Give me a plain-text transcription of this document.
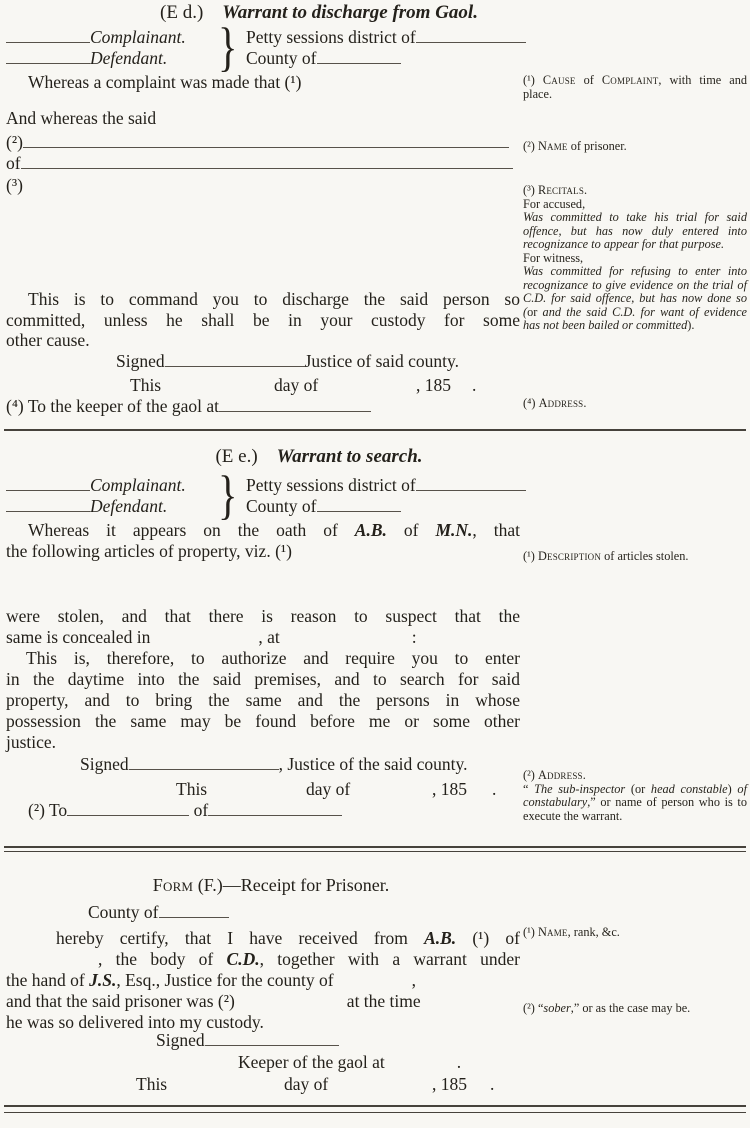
(E d.)  Warrant to discharge from Gaol.
Complainant.
Defendant. } Petty sessions district of
County of
Whereas a complaint was made that (¹)
And whereas the said
(²)
of
(³)
This is to command you to discharge the said person so
committed, unless he shall be in your custody for some
other cause.
Signed	Justice of said county.
This	day of	, 185 .
(⁴) To the keeper of the gaol at
(¹) Cause of Complaint, with time and place.
(²) Name of prisoner.

(³) Recitals.

For accused,

Was committed to take his trial for said offence, but has now duly entered into recognizance to appear for that purpose.

For witness,

Was committed for refusing to enter into recognizance to give evidence on the trial of C.D. for said offence, but has now done so (or and the said C.D. for want of evidence has not been bailed or committed).

(⁴) Address.
(E e.)  Warrant to search.
Complainant.
Defendant. } Petty sessions district of
County of
Whereas it appears on the oath of A.B. of M.N., that
the following articles of property, viz. (¹)
were stolen, and that there is reason to suspect that the
same is concealed in	, at	:
This is, therefore, to authorize and require you to enter
in the daytime into the said premises, and to search for said
property, and to bring the same and the persons in whose
possession the same may be found before me or some other
justice.
Signed	, Justice of the said county.
This	day of	, 185 .
(²) To	of
(¹) Description of articles stolen.

(²) Address.

“ The sub-inspector (or head constable) of constabulary,” or name of person who is to execute the warrant.

Form (F.)—Receipt for Prisoner.
County of
hereby certify, that I have received from A.B. (¹) of
, the body of C.D., together with a warrant under
the hand of J.S., Esq., Justice for the county of	,
and that the said prisoner was (²)	at the time
he was so delivered into my custody.
Signed
Keeper of the gaol at	.
This	day of	, 185 .
(¹) Name, rank, &c.
(²) “sober,” or as the case may be.
